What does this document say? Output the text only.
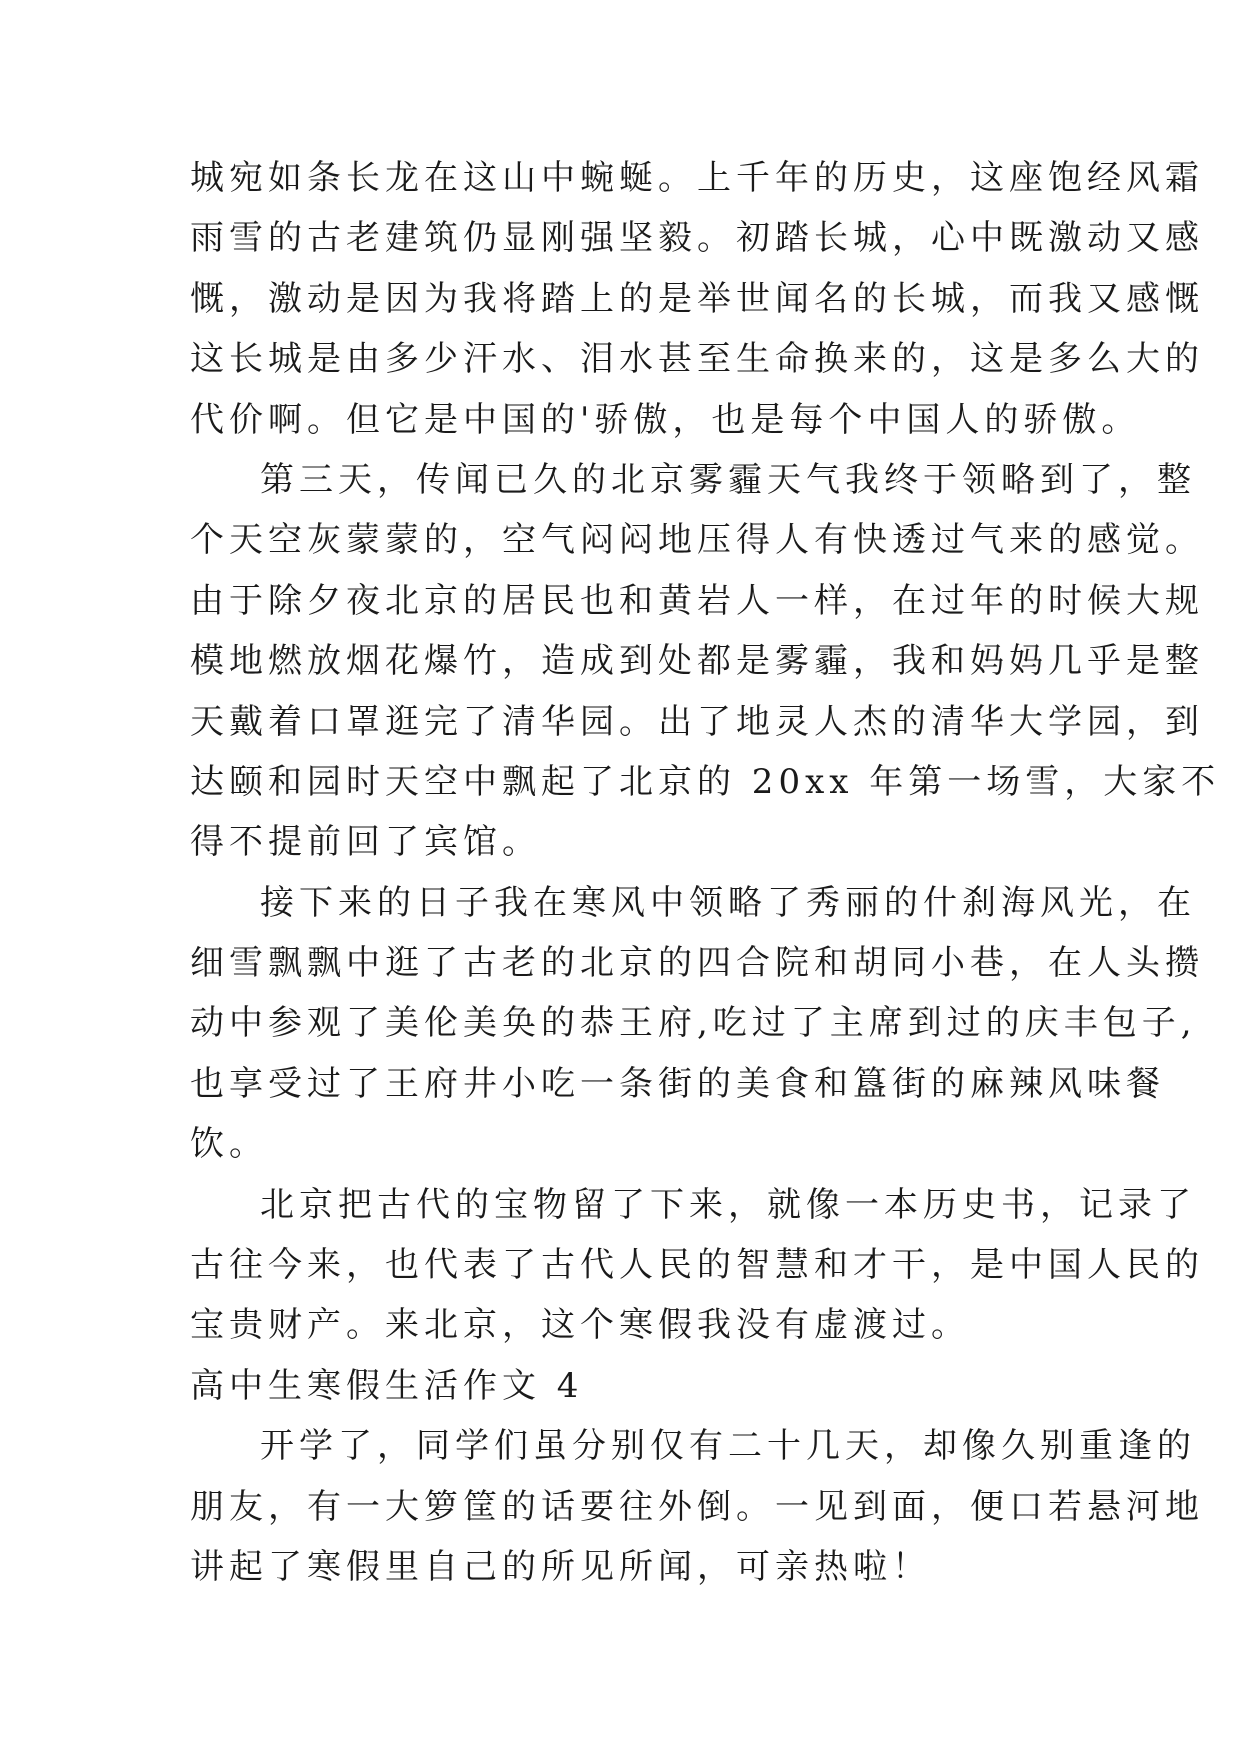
城宛如条长龙在这山中蜿蜒。上千年的历史，这座饱经风霜
雨雪的古老建筑仍显刚强坚毅。初踏长城，心中既激动又感
慨，激动是因为我将踏上的是举世闻名的长城，而我又感慨
这长城是由多少汗水、泪水甚至生命换来的，这是多么大的
代价啊。但它是中国的'骄傲，也是每个中国人的骄傲。
第三天，传闻已久的北京雾霾天气我终于领略到了，整
个天空灰蒙蒙的，空气闷闷地压得人有快透过气来的感觉。
由于除夕夜北京的居民也和黄岩人一样，在过年的时候大规
模地燃放烟花爆竹，造成到处都是雾霾，我和妈妈几乎是整
天戴着口罩逛完了清华园。出了地灵人杰的清华大学园，到
达颐和园时天空中飘起了北京的 20xx 年第一场雪，大家不
得不提前回了宾馆。
接下来的日子我在寒风中领略了秀丽的什刹海风光，在
细雪飘飘中逛了古老的北京的四合院和胡同小巷，在人头攒
动中参观了美伦美奂的恭王府,吃过了主席到过的庆丰包子,
也享受过了王府井小吃一条街的美食和簋街的麻辣风味餐
饮。
北京把古代的宝物留了下来，就像一本历史书，记录了
古往今来，也代表了古代人民的智慧和才干，是中国人民的
宝贵财产。来北京，这个寒假我没有虚渡过。
高中生寒假生活作文 4
开学了，同学们虽分别仅有二十几天，却像久别重逢的
朋友，有一大箩筐的话要往外倒。一见到面，便口若悬河地
讲起了寒假里自己的所见所闻，可亲热啦！
